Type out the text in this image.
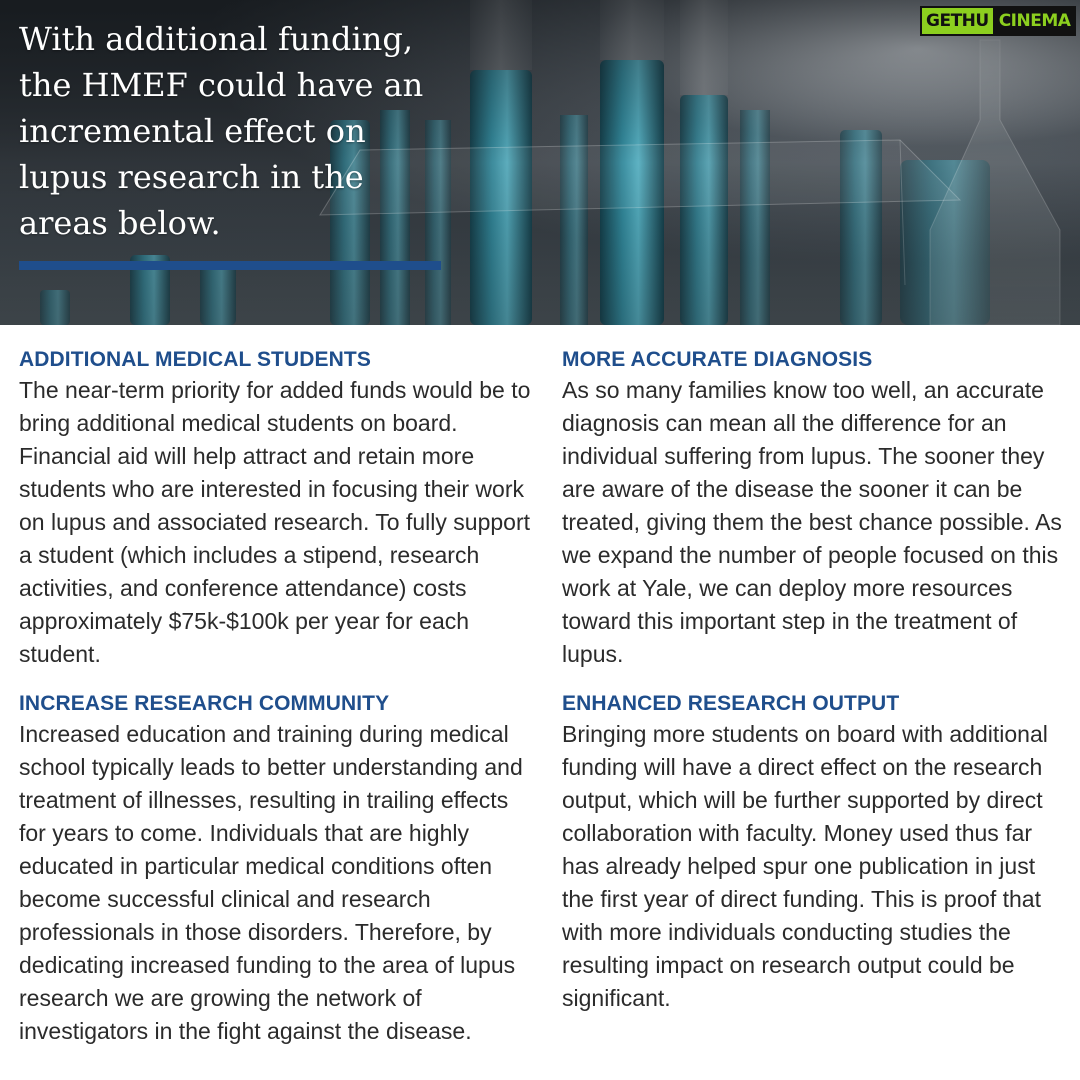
With additional funding, the HMEF could have an incremental effect on lupus research in the areas below.
GETHU CINEMA
ADDITIONAL MEDICAL STUDENTS

The near-term priority for added funds would be to bring additional medical students on board. Financial aid will help attract and retain more students who are interested in focusing their work on lupus and associated research. To fully support a student (which includes a stipend, research activities, and conference attendance) costs approximately $75k-$100k per year for each student.

MORE ACCURATE DIAGNOSIS

As so many families know too well, an accurate diagnosis can mean all the difference for an individual suffering from lupus. The sooner they are aware of the disease the sooner it can be treated, giving them the best chance possible. As we expand the number of people focused on this work at Yale, we can deploy more resources toward this important step in the treatment of lupus.

INCREASE RESEARCH COMMUNITY

Increased education and training during medical school typically leads to better understanding and treatment of illnesses, resulting in trailing effects for years to come. Individuals that are highly educated in particular medical conditions often become successful clinical and research professionals in those disorders. Therefore, by dedicating increased funding to the area of lupus research we are growing the network of investigators in the fight against the disease.

ENHANCED RESEARCH OUTPUT

Bringing more students on board with additional funding will have a direct effect on the research output, which will be further supported by direct collaboration with faculty. Money used thus far has already helped spur one publication in just the first year of direct funding. This is proof that with more individuals conducting studies the resulting impact on research output could be significant.
